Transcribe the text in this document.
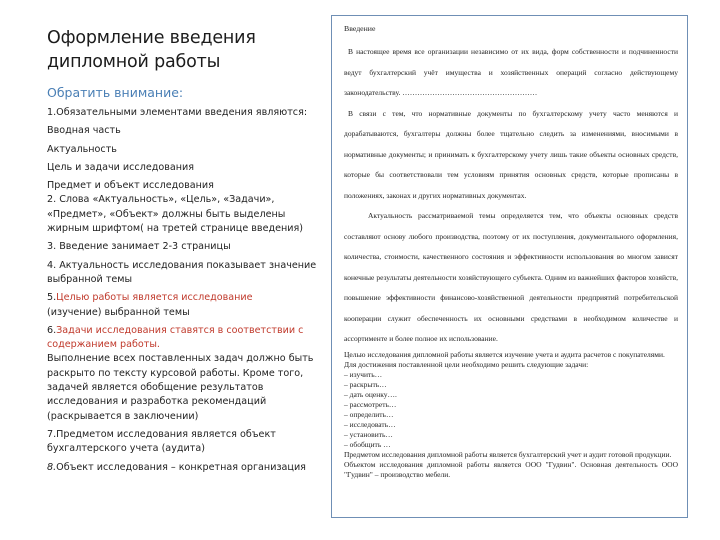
Оформление введения
дипломной работы
Обратить внимание:

1.Обязательными элементами введения являются:

Вводная часть

Актуальность

Цель и задачи исследования

Предмет и объект исследования

2. Слова «Актуальность», «Цель», «Задачи», «Предмет», «Объект» должны быть выделены жирным шрифтом( на третей странице введения)

3. Введение занимает 2-3 страницы

4. Актуальность исследования показывает значение выбранной темы

5.Целью работы является исследование
(изучение) выбранной темы

6.Задачи исследования ставятся в соответствии с содержанием работы.
Выполнение всех поставленных задач должно быть раскрыто по тексту курсовой работы. Кроме того, задачей является обобщение результатов исследования и разработка рекомендаций (раскрывается в заключении)

7.Предметом исследования является объект бухгалтерского учета (аудита)

8.Объект исследования – конкретная организация

Введение

В настоящее время все организации независимо от их вида, форм собственности и подчиненности ведут бухгалтерский учёт имущества и хозяйственных операций согласно действующему законодательству. ………………………………………………

В связи с тем, что нормативные документы по бухгалтерскому учету часто меняются и дорабатываются, бухгалтеры должны более тщательно следить за изменениями, вносимыми в нормативные документы; и принимать к бухгалтерскому учету лишь такие объекты основных средств, которые бы соответствовали тем условиям принятия основных средств, которые прописаны в положениях, законах и других нормативных документах.

Актуальность рассматриваемой темы определяется тем, что объекты основных средств составляют основу любого производства, поэтому от их поступления, документального оформления, количества, стоимости, качественного состояния и эффективности использования во многом зависят конечные результаты деятельности хозяйствующего субъекта. Одним из важнейших факторов хозяйств, повышение эффективности финансово-хозяйственной деятельности предприятий потребительской кооперации служит обеспеченность их основными средствами в необходимом количестве и ассортименте и более полное их использование.

Целью исследования дипломной работы является изучение учета и аудита расчетов с покупателями.

Для достижения поставленной цели необходимо решить следующие задачи:

– изучить…

– раскрыть…

– дать оценку….

– рассмотреть…

– определить…

– исследовать…

– установить…

– обобщить …

Предметом исследования дипломной работы является бухгалтерский учет и аудит готовой продукции.

Объектом исследования дипломной работы является ООО "Гудвин". Основная деятельность ООО "Гудвин" – производство мебели.
